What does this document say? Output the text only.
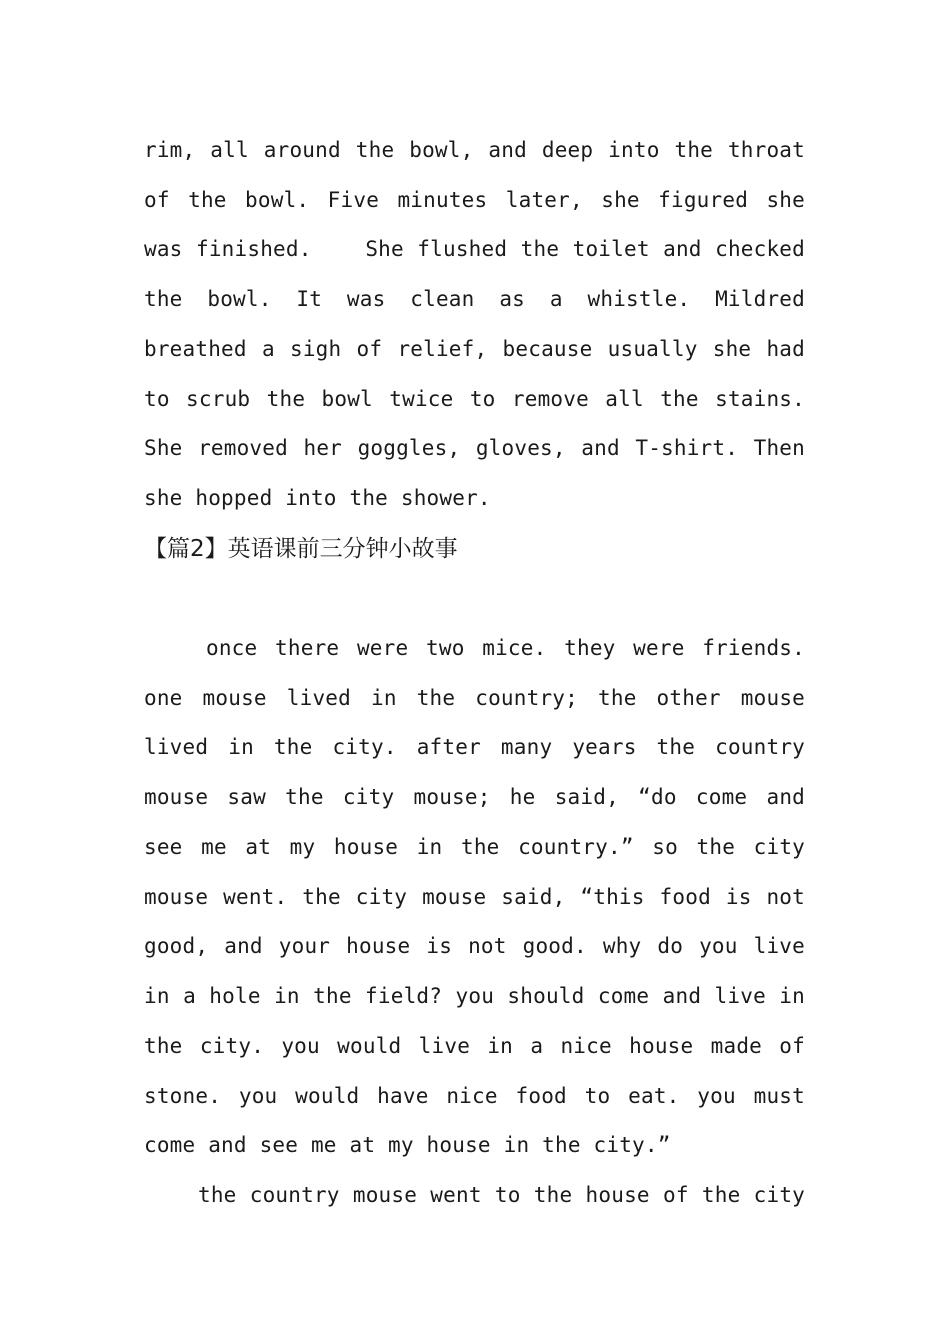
rim, all around the bowl, and deep into the throat
of the bowl. Five minutes later, she figured she
was finished.    She flushed the toilet and checked
the bowl. It was clean as a whistle. Mildred
breathed a sigh of relief, because usually she had
to scrub the bowl twice to remove all the stains.
She removed her goggles, gloves, and T-shirt. Then
she hopped into the shower.
【篇2】英语课前三分钟小故事
once there were two mice. they were friends.
one mouse lived in the country; the other mouse
lived in the city. after many years the country
mouse saw the city mouse; he said, “do come and
see me at my house in the country.” so the city
mouse went. the city mouse said, “this food is not
good, and your house is not good. why do you live
in a hole in the field? you should come and live in
the city. you would live in a nice house made of
stone. you would have nice food to eat. you must
come and see me at my house in the city.”
the country mouse went to the house of the city
